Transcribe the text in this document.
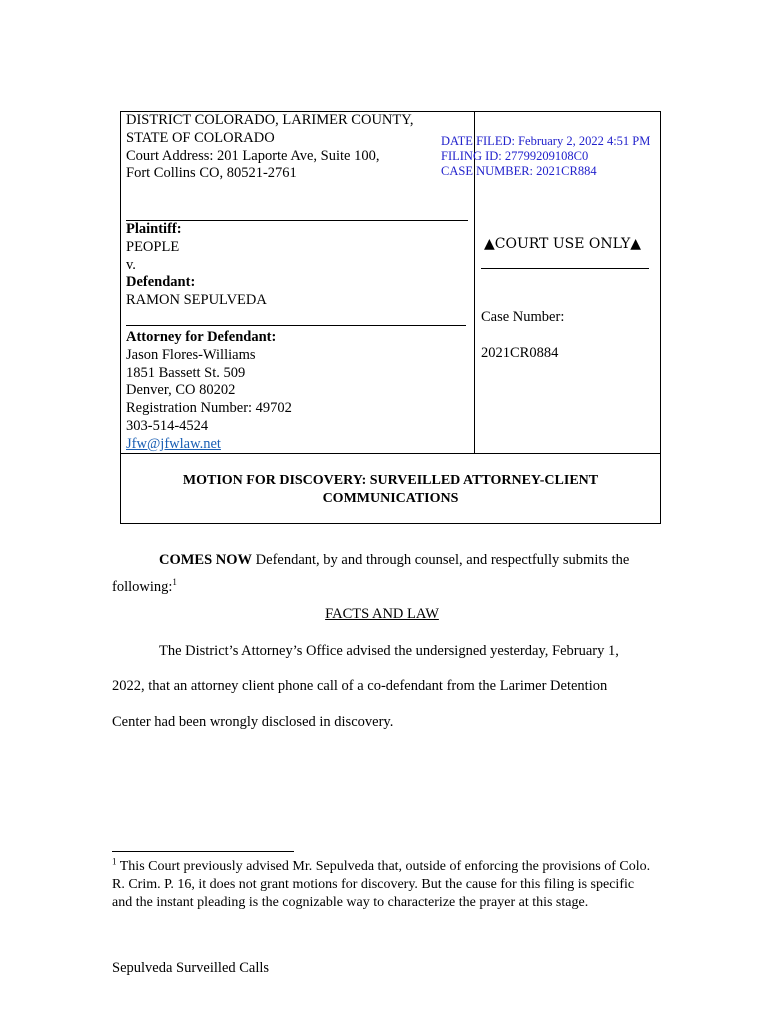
DISTRICT COLORADO, LARIMER COUNTY,
STATE OF COLORADO
Court Address: 201 Laporte Ave, Suite 100,
Fort Collins CO, 80521-2761
DATE FILED: February 2, 2022 4:51 PM
FILING ID: 27799209108C0
CASE NUMBER: 2021CR884
Plaintiff:
PEOPLE
v.
Defendant:
RAMON SEPULVEDA
▲COURT USE ONLY▲
Case Number:
2021CR0884
Attorney for Defendant:
Jason Flores-Williams
1851 Bassett St. 509
Denver, CO 80202
Registration Number: 49702
303-514-4524
Jfw@jfwlaw.net
MOTION FOR DISCOVERY: SURVEILLED ATTORNEY-CLIENT
COMMUNICATIONS
COMES NOW Defendant, by and through counsel, and respectfully submits the
following:$^1$
FACTS AND LAW
The District’s Attorney’s Office advised the undersigned yesterday, February 1,
2022, that an attorney client phone call of a co-defendant from the Larimer Detention
Center had been wrongly disclosed in discovery.
$^1$ This Court previously advised Mr. Sepulveda that, outside of enforcing the provisions of Colo. R. Crim. P. 16, it does not grant motions for discovery. But the cause for this filing is specific and the instant pleading is the cognizable way to characterize the prayer at this stage.
Sepulveda Surveilled Calls
